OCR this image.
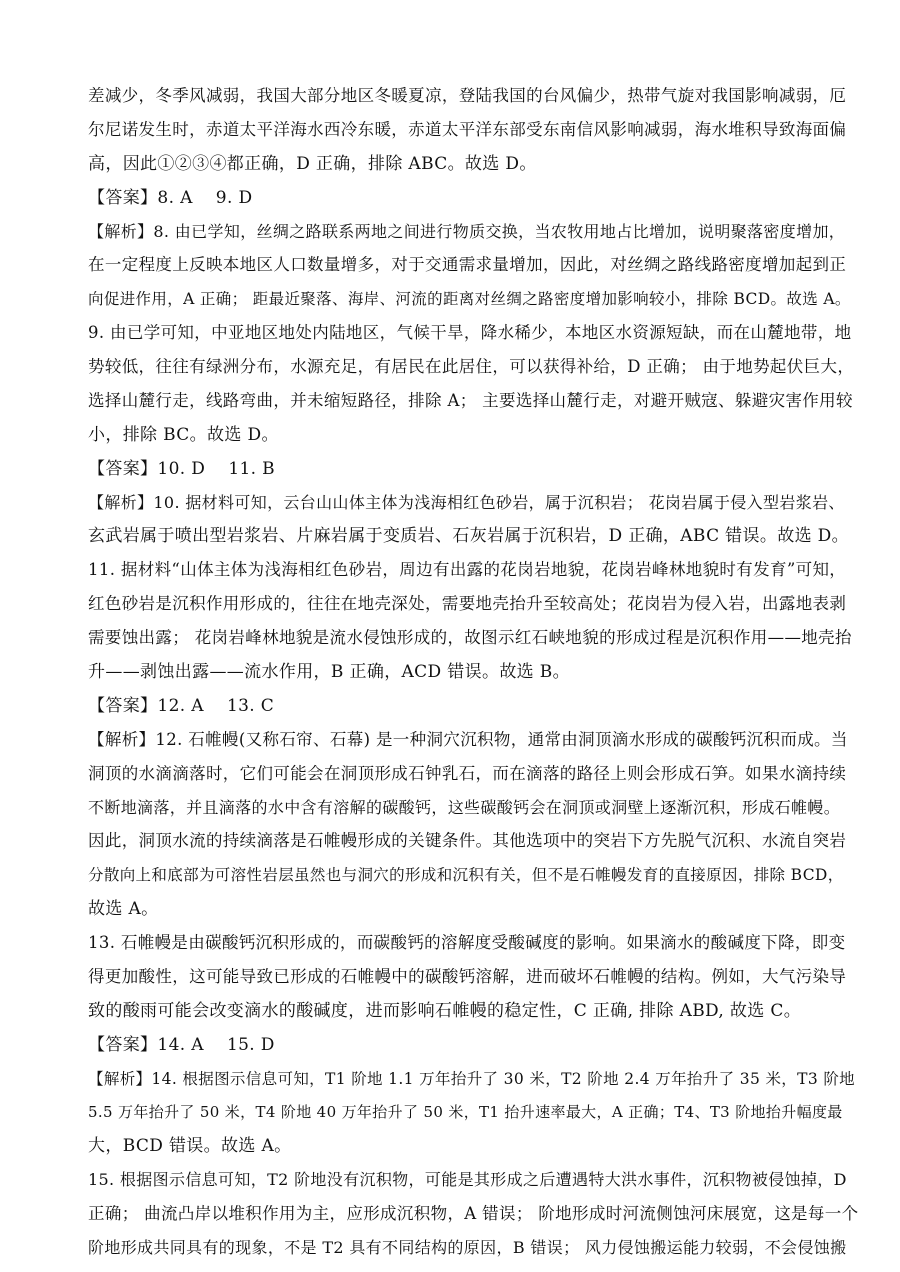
差减少，冬季风减弱，我国大部分地区冬暖夏凉，登陆我国的台风偏少，热带气旋对我国影响减弱，厄
尔尼诺发生时，赤道太平洋海水西冷东暖，赤道太平洋东部受东南信风影响减弱，海水堆积导致海面偏
高，因此①②③④都正确，D 正确，排除 ABC。故选 D。
【答案】8. A　 9. D
【解析】8. 由已学知，丝绸之路联系两地之间进行物质交换，当农牧用地占比增加，说明聚落密度增加，
在一定程度上反映本地区人口数量增多，对于交通需求量增加，因此，对丝绸之路线路密度增加起到正
向促进作用，A 正确； 距最近聚落、海岸、河流的距离对丝绸之路密度增加影响较小，排除 BCD。故选 A。
9. 由已学可知，中亚地区地处内陆地区，气候干旱，降水稀少，本地区水资源短缺，而在山麓地带，地
势较低，往往有绿洲分布，水源充足，有居民在此居住，可以获得补给，D 正确； 由于地势起伏巨大，
选择山麓行走，线路弯曲，并未缩短路径，排除 A； 主要选择山麓行走，对避开贼寇、躲避灾害作用较
小，排除 BC。故选 D。
【答案】10. D　 11. B
【解析】10. 据材料可知，云台山山体主体为浅海相红色砂岩，属于沉积岩； 花岗岩属于侵入型岩浆岩、
玄武岩属于喷出型岩浆岩、片麻岩属于变质岩、石灰岩属于沉积岩，D 正确，ABC 错误。故选 D。
11. 据材料“山体主体为浅海相红色砂岩，周边有出露的花岗岩地貌，花岗岩峰林地貌时有发育”可知，
红色砂岩是沉积作用形成的，往往在地壳深处，需要地壳抬升至较高处；花岗岩为侵入岩，出露地表剥
需要蚀出露； 花岗岩峰林地貌是流水侵蚀形成的，故图示红石峡地貌的形成过程是沉积作用——地壳抬
升——剥蚀出露——流水作用，B 正确，ACD 错误。故选 B。
【答案】12. A　 13. C
【解析】12. 石帷幔(又称石帘、石幕) 是一种洞穴沉积物，通常由洞顶滴水形成的碳酸钙沉积而成。当
洞顶的水滴滴落时，它们可能会在洞顶形成石钟乳石，而在滴落的路径上则会形成石笋。如果水滴持续
不断地滴落，并且滴落的水中含有溶解的碳酸钙，这些碳酸钙会在洞顶或洞壁上逐渐沉积，形成石帷幔。
因此，洞顶水流的持续滴落是石帷幔形成的关键条件。其他选项中的突岩下方先脱气沉积、水流自突岩
分散向上和底部为可溶性岩层虽然也与洞穴的形成和沉积有关，但不是石帷幔发育的直接原因，排除 BCD，
故选 A。
13. 石帷幔是由碳酸钙沉积形成的，而碳酸钙的溶解度受酸碱度的影响。如果滴水的酸碱度下降，即变
得更加酸性，这可能导致已形成的石帷幔中的碳酸钙溶解，进而破坏石帷幔的结构。例如，大气污染导
致的酸雨可能会改变滴水的酸碱度，进而影响石帷幔的稳定性，C 正确, 排除 ABD, 故选 C。
【答案】14. A　 15. D
【解析】14. 根据图示信息可知，T1 阶地 1.1 万年抬升了 30 米，T2 阶地 2.4 万年抬升了 35 米，T3 阶地
5.5 万年抬升了 50 米，T4 阶地 40 万年抬升了 50 米，T1 抬升速率最大，A 正确；T4、T3 阶地抬升幅度最
大，BCD 错误。故选 A。
15. 根据图示信息可知，T2 阶地没有沉积物，可能是其形成之后遭遇特大洪水事件，沉积物被侵蚀掉，D
正确； 曲流凸岸以堆积作用为主，应形成沉积物，A 错误； 阶地形成时河流侧蚀河床展宽，这是每一个
阶地形成共同具有的现象，不是 T2 具有不同结构的原因，B 错误； 风力侵蚀搬运能力较弱，不会侵蚀搬
